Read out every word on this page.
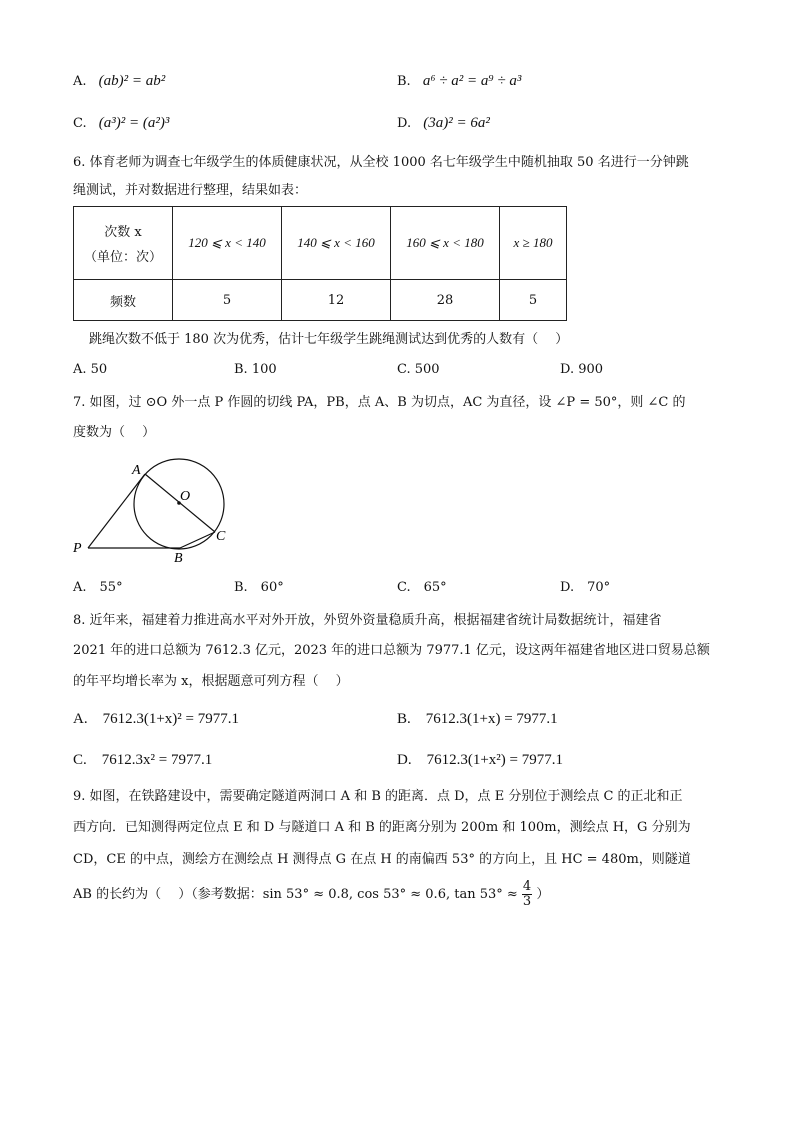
A. (ab)² = ab²	B. a⁶ ÷ a² = a⁹ ÷ a³
C. (a³)² = (a²)³	D. (3a)² = 6a²
6. 体育老师为调查七年级学生的体质健康状况，从全校 1000 名七年级学生中随机抽取 50 名进行一分钟跳
绳测试，并对数据进行整理，结果如表：
次数 x
（单位：次）	120 ⩽ x < 140	140 ⩽ x < 160	160 ⩽ x < 180	x ≥ 180
频数	5	12	28	5
跳绳次数不低于 180 次为优秀，估计七年级学生跳绳测试达到优秀的人数有（　 ）
A. 50	B. 100	C. 500	D. 900
7. 如图，过 ⊙O 外一点 P 作圆的切线 PA，PB，点 A、B 为切点，AC 为直径，设 ∠P = 50°，则 ∠C 的
度数为（　 ）
A
O
C
P
B
A.　55°	B.　60°	C.　65°	D.　70°
8. 近年来，福建着力推进高水平对外开放，外贸外资量稳质升高，根据福建省统计局数据统计，福建省
2021 年的进口总额为 7612.3 亿元，2023 年的进口总额为 7977.1 亿元，设这两年福建省地区进口贸易总额
的年平均增长率为 x，根据题意可列方程（　 ）
A.　7612.3(1+x)² = 7977.1	B.　7612.3(1+x) = 7977.1
C.　7612.3x² = 7977.1	D.　7612.3(1+x²) = 7977.1
9. 如图，在铁路建设中，需要确定隧道两洞口 A 和 B 的距离．点 D，点 E 分别位于测绘点 C 的正北和正
西方向．已知测得两定位点 E 和 D 与隧道口 A 和 B 的距离分别为 200m 和 100m，测绘点 H，G 分别为
CD，CE 的中点，测绘方在测绘点 H 测得点 G 在点 H 的南偏西 53° 的方向上，且 HC = 480m，则隧道
AB 的长约为（　 ）（参考数据：sin 53° ≈ 0.8, cos 53° ≈ 0.6, $\tan 53^\circ \approx \frac{4}{3}$ ）
